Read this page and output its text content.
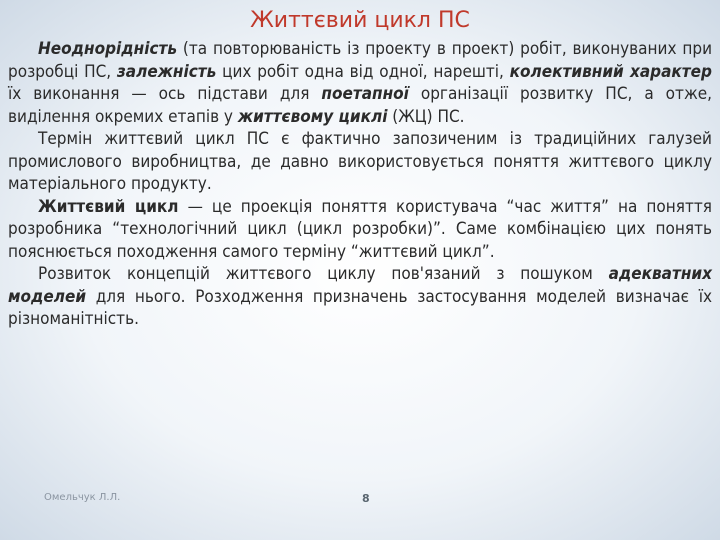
Життєвий цикл ПС

Неоднорідність (та повторюваність із проекту в проект) робіт, виконуваних при розробці ПС, залежність цих робіт одна від одної, нарешті, колективний характер їх виконання — ось підстави для поетапної організації розвитку ПС, а отже, виділення окремих етапів у життєвому циклі (ЖЦ) ПС.

Термін життєвий цикл ПС є фактично запозиченим із традиційних галузей промислового виробництва, де давно використовується поняття життєвого циклу матеріального продукту.

Життєвий цикл — це проекція поняття користувача “час життя” на поняття розробника “технологічний цикл (цикл розробки)”. Саме комбінацією цих понять пояснюється походження самого терміну “життєвий цикл”.

Розвиток концепцій життєвого циклу пов'язаний з пошуком адекватних моделей для нього. Розходження призначень застосування моделей визначає їх різноманітність.

Омельчук Л.Л.	8
